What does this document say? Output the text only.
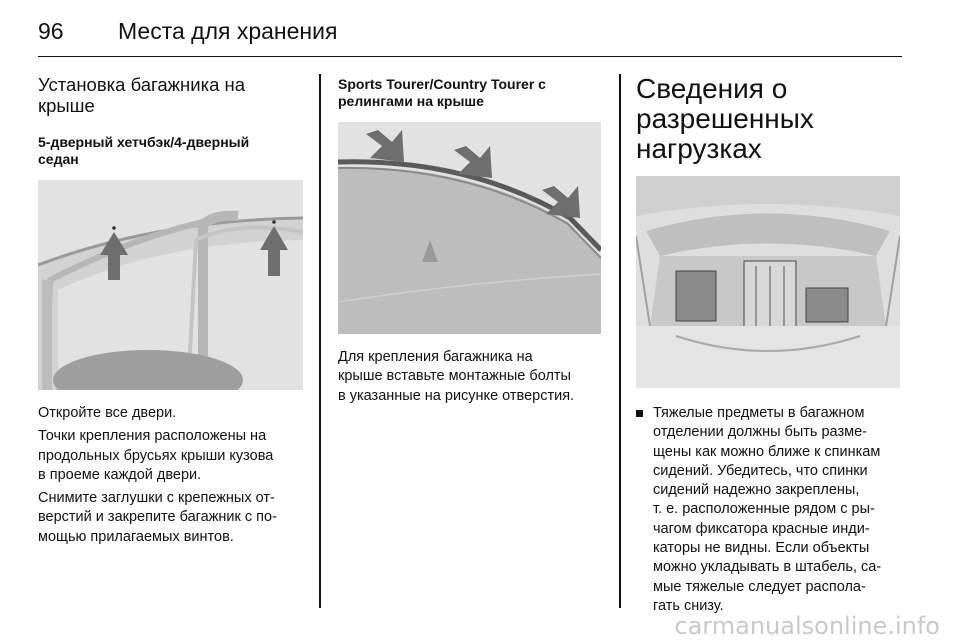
96 Места для хранения
Установка багажника на
крыше
5-дверный хетчбэк/4-дверный
седан

Откройте все двери.

Точки крепления расположены на
продольных брусьях крыши кузова
в проеме каждой двери.

Снимите заглушки с крепежных от-
верстий и закрепите багажник с по-
мощью прилагаемых винтов.

Sports Tourer/Country Tourer с
релингами на крыше

Для крепления багажника на
крыше вставьте монтажные болты
в указанные на рисунке отверстия.

Сведения о
разрешенных
нагрузках
Тяжелые предметы в багажном
отделении должны быть разме-
щены как можно ближе к спинкам
сидений. Убедитесь, что спинки
сидений надежно закреплены,
т. е. расположенные рядом с ры-
чагом фиксатора красные инди-
каторы не видны. Если объекты
можно укладывать в штабель, са-
мые тяжелые следует распола-
гать снизу.
carmanualsonline.info
